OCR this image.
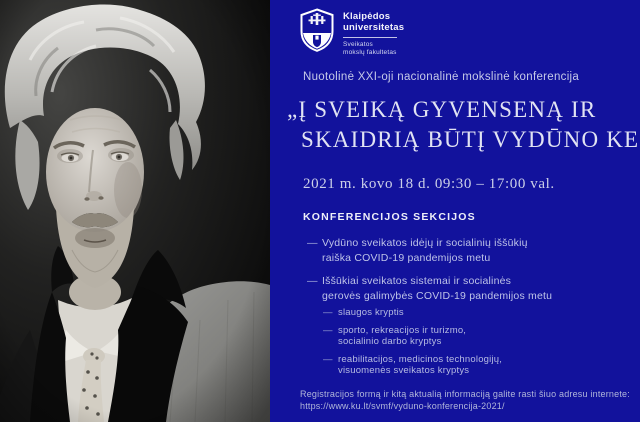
Klaipėdos
universitetas
Sveikatos
mokslų fakultetas
Nuotolinė XXI-oji nacionalinė mokslinė konferencija
„Į SVEIKĄ GYVENSENĄ IR
SKAIDRIĄ BŪTĮ VYDŪNO KE
2021 m. kovo 18 d. 09:30 – 17:00 val.
KONFERENCIJOS SEKCIJOS
— Vydūno sveikatos idėjų ir socialinių iššūkių
raiška COVID-19 pandemijos metu
— Iššūkiai sveikatos sistemai ir socialinės
gerovės galimybės COVID-19 pandemijos metu
— slaugos kryptis
— sporto, rekreacijos ir turizmo,
socialinio darbo kryptys
— reabilitacijos, medicinos technologijų,
visuomenės sveikatos kryptys
Registracijos formą ir kitą aktualią informaciją galite rasti šiuo adresu internete:
https://www.ku.lt/svmf/vyduno-konferencija-2021/
